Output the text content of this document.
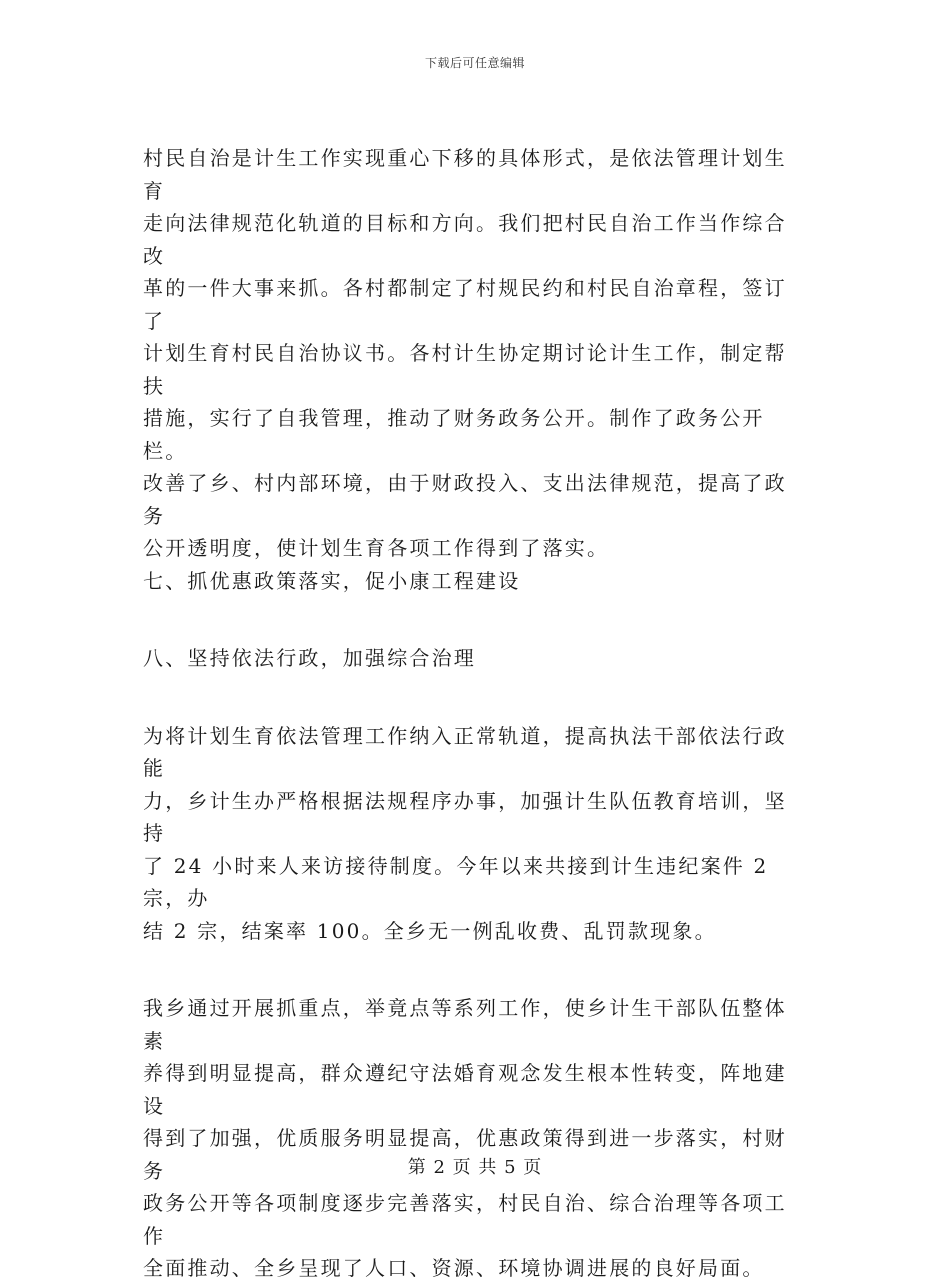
下载后可任意编辑

村民自治是计生工作实现重心下移的具体形式，是依法管理计划生育

走向法律规范化轨道的目标和方向。我们把村民自治工作当作综合改

革的一件大事来抓。各村都制定了村规民约和村民自治章程，签订了

计划生育村民自治协议书。各村计生协定期讨论计生工作，制定帮扶

措施，实行了自我管理，推动了财务政务公开。制作了政务公开栏。

改善了乡、村内部环境，由于财政投入、支出法律规范，提高了政务

公开透明度，使计划生育各项工作得到了落实。

七、抓优惠政策落实，促小康工程建设

八、坚持依法行政，加强综合治理

为将计划生育依法管理工作纳入正常轨道，提高执法干部依法行政能

力，乡计生办严格根据法规程序办事，加强计生队伍教育培训，坚持

了 24 小时来人来访接待制度。今年以来共接到计生违纪案件 2 宗，办

结 2 宗，结案率 100。全乡无一例乱收费、乱罚款现象。

我乡通过开展抓重点，举竟点等系列工作，使乡计生干部队伍整体素

养得到明显提高，群众遵纪守法婚育观念发生根本性转变，阵地建设

得到了加强，优质服务明显提高，优惠政策得到进一步落实，村财务

政务公开等各项制度逐步完善落实，村民自治、综合治理等各项工作

全面推动、全乡呈现了人口、资源、环境协调进展的良好局面。

第 2 页 共 5 页
